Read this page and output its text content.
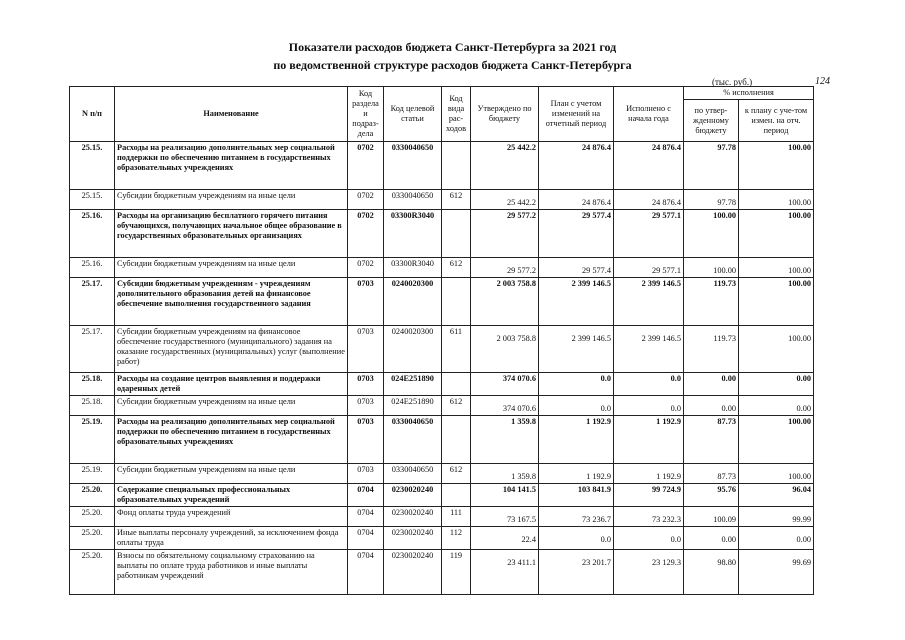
Показатели расходов бюджета Санкт-Петербурга за 2021 год
по ведомственной структуре расходов бюджета Санкт-Петербурга
(тыс. руб.)	124
N п/п	Наименование	Код раздела и подраз-дела	Код целевой статьи	Код вида рас-ходов	Утверждено по бюджету	План с учетом изменений на отчетный период	Исполнено с начала года	% исполнения	
								по утвер-жденному бюджету	к плану с уче-том измен. на отч. период
25.15.	Расходы на реализацию дополнительных мер социальной поддержки по обеспечению питанием в государственных образовательных учреждениях	0702	0330040650		25 442.2	24 876.4	24 876.4	97.78	100.00
25.15.	Субсидии бюджетным учреждениям на иные цели	0702	0330040650	612	25 442.2	24 876.4	24 876.4	97.78	100.00
25.16.	Расходы на организацию бесплатного горячего питания обучающихся, получающих начальное общее образование в государственных образовательных организациях	0702	03300R3040		29 577.2	29 577.4	29 577.1	100.00	100.00
25.16.	Субсидии бюджетным учреждениям на иные цели	0702	03300R3040	612	29 577.2	29 577.4	29 577.1	100.00	100.00
25.17.	Субсидии бюджетным учреждениям - учреждениям дополнительного образования детей на финансовое обеспечение выполнения государственного задания	0703	0240020300		2 003 758.8	2 399 146.5	2 399 146.5	119.73	100.00
25.17.	Субсидии бюджетным учреждениям на финансовое обеспечение государственного (муниципального) задания на оказание государственных (муниципальных) услуг (выполнение работ)	0703	0240020300	611	2 003 758.8	2 399 146.5	2 399 146.5	119.73	100.00
25.18.	Расходы на создание центров выявления и поддержки одаренных детей	0703	024E251890		374 070.6	0.0	0.0	0.00	0.00
25.18.	Субсидии бюджетным учреждениям на иные цели	0703	024E251890	612	374 070.6	0.0	0.0	0.00	0.00
25.19.	Расходы на реализацию дополнительных мер социальной поддержки по обеспечению питанием в государственных образовательных учреждениях	0703	0330040650		1 359.8	1 192.9	1 192.9	87.73	100.00
25.19.	Субсидии бюджетным учреждениям на иные цели	0703	0330040650	612	1 359.8	1 192.9	1 192.9	87.73	100.00
25.20.	Содержание специальных профессиональных образовательных учреждений	0704	0230020240		104 141.5	103 841.9	99 724.9	95.76	96.04
25.20.	Фонд оплаты труда учреждений	0704	0230020240	111	73 167.5	73 236.7	73 232.3	100.09	99.99
25.20.	Иные выплаты персоналу учреждений, за исключением фонда оплаты труда	0704	0230020240	112	22.4	0.0	0.0	0.00	0.00
25.20.	Взносы по обязательному социальному страхованию на выплаты по оплате труда работников и иные выплаты работникам учреждений	0704	0230020240	119	23 411.1	23 201.7	23 129.3	98.80	99.69
